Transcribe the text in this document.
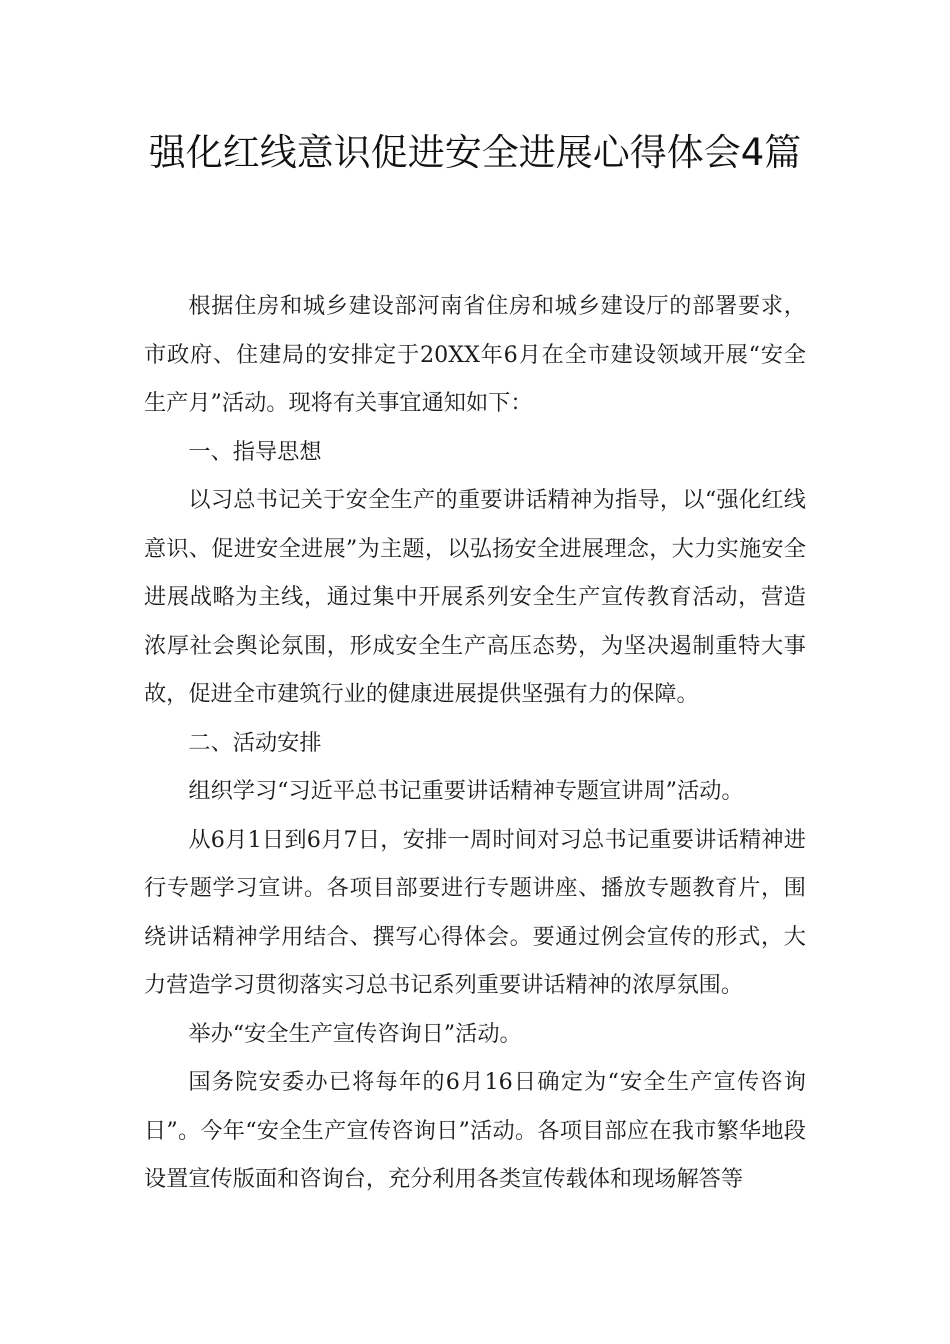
强化红线意识促进安全进展心得体会4篇

根据住房和城乡建设部河南省住房和城乡建设厅的部署要求，市政府、住建局的安排定于20XX年6月在全市建设领域开展“安全生产月”活动。现将有关事宜通知如下：

一、指导思想

以习总书记关于安全生产的重要讲话精神为指导，以“强化红线意识、促进安全进展”为主题，以弘扬安全进展理念，大力实施安全进展战略为主线，通过集中开展系列安全生产宣传教育活动，营造浓厚社会舆论氛围，形成安全生产高压态势，为坚决遏制重特大事故，促进全市建筑行业的健康进展提供坚强有力的保障。

二、活动安排

组织学习“习近平总书记重要讲话精神专题宣讲周”活动。

从6月1日到6月7日，安排一周时间对习总书记重要讲话精神进行专题学习宣讲。各项目部要进行专题讲座、播放专题教育片，围绕讲话精神学用结合、撰写心得体会。要通过例会宣传的形式，大力营造学习贯彻落实习总书记系列重要讲话精神的浓厚氛围。

举办“安全生产宣传咨询日”活动。

国务院安委办已将每年的6月16日确定为“安全生产宣传咨询日”。今年“安全生产宣传咨询日”活动。各项目部应在我市繁华地段设置宣传版面和咨询台，充分利用各类宣传载体和现场解答等
